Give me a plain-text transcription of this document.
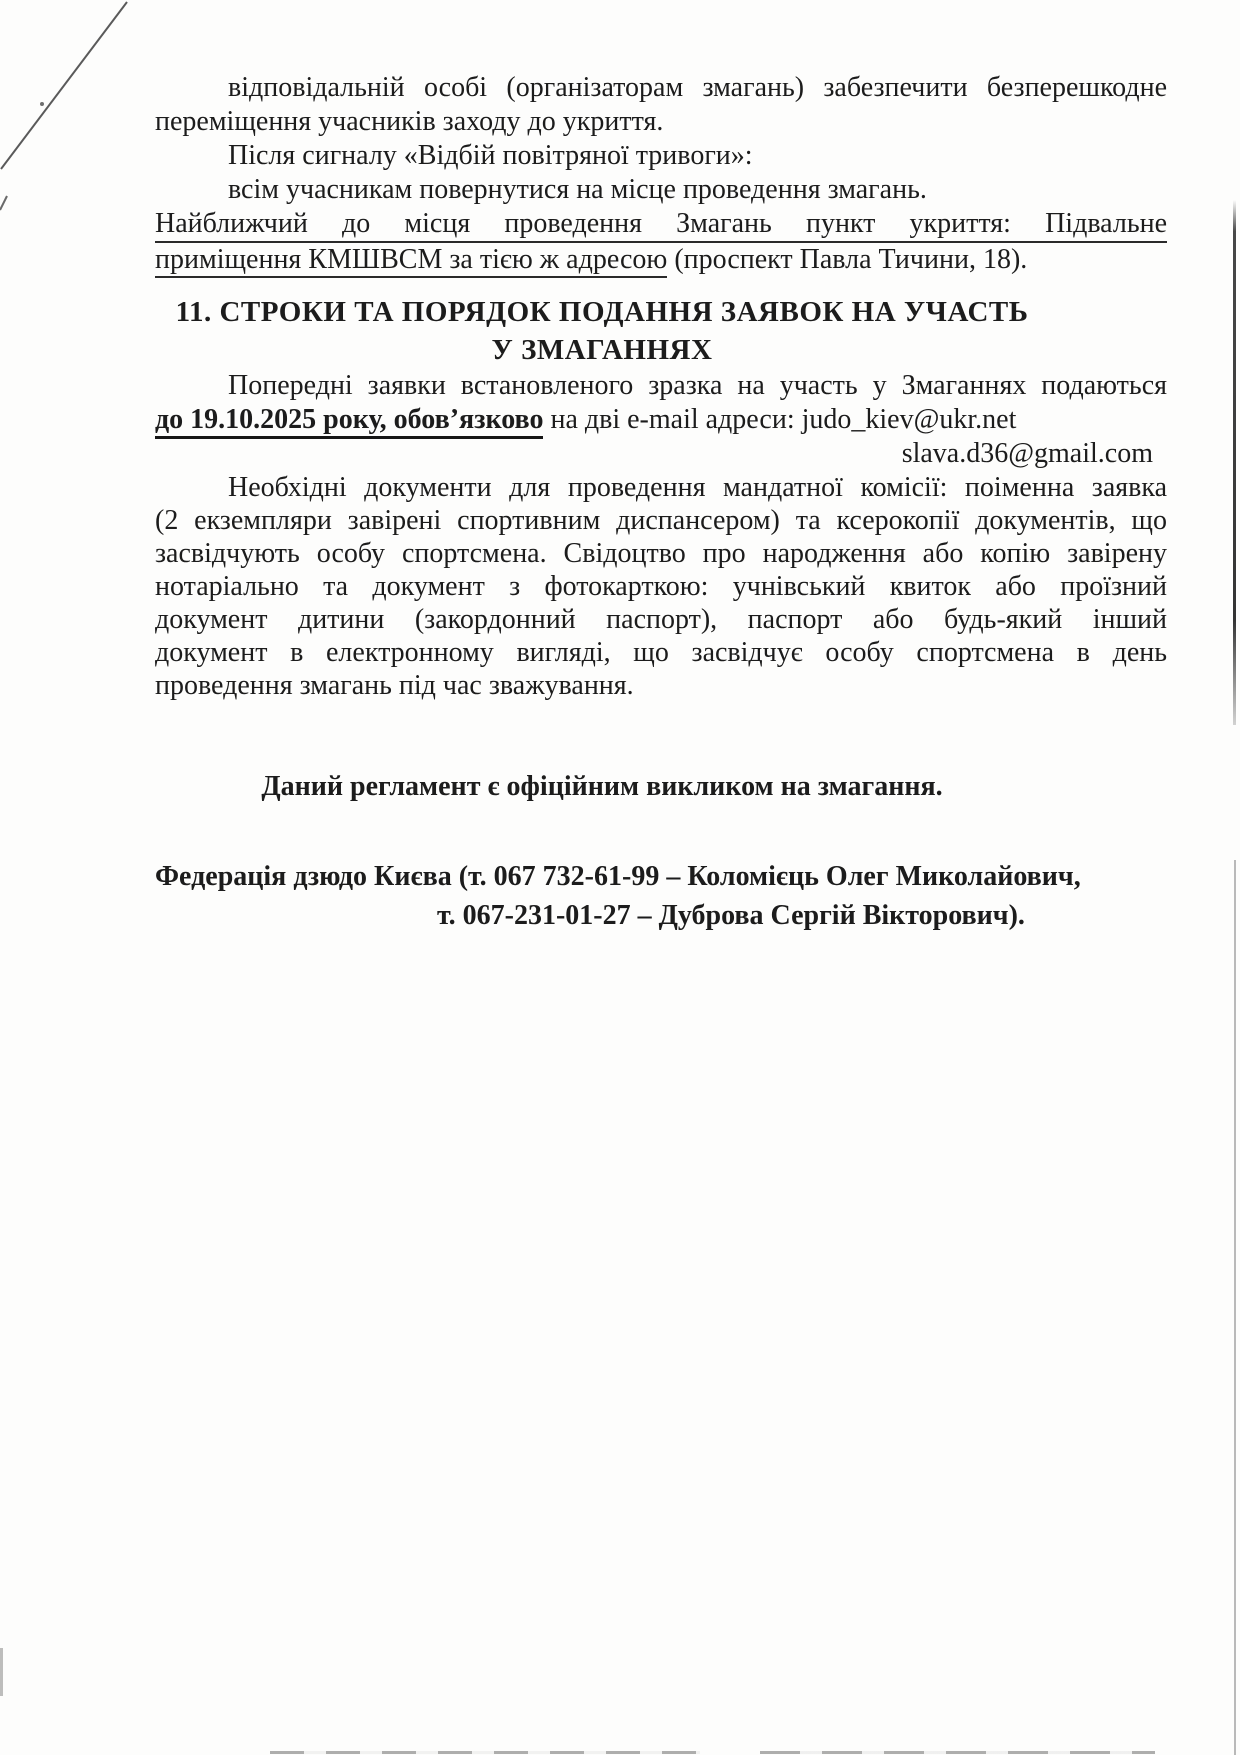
відповідальній особі (організаторам змагань) забезпечити безперешкодне
переміщення учасників заходу до укриття.
Після сигналу «Відбій повітряної тривоги»:
всім учасникам повернутися на місце проведення змагань.
Найближчий до місця проведення Змагань пункт укриття: Підвальне
приміщення КМШВСМ за тією ж адресою (проспект Павла Тичини, 18).
11. СТРОКИ ТА ПОРЯДОК ПОДАННЯ ЗАЯВОК НА УЧАСТЬ
У ЗМАГАННЯХ
Попередні заявки встановленого зразка на участь у Змаганнях подаються
до 19.10.2025 року, обов’язково на дві e-mail адреси: judo_kiev@ukr.net
slava.d36@gmail.com
Необхідні документи для проведення мандатної комісії: поіменна заявка
(2 екземпляри завірені спортивним диспансером) та ксерокопії документів, що
засвідчують особу спортсмена. Свідоцтво про народження або копію завірену
нотаріально та документ з фотокарткою: учнівський квиток або проїзний
документ дитини (закордонний паспорт), паспорт або будь-який інший
документ в електронному вигляді, що засвідчує особу спортсмена в день
проведення змагань під час зважування.
Даний регламент є офіційним викликом на змагання.
Федерація дзюдо Києва (т. 067 732-61-99 – Коломієць Олег Миколайович,
т. 067-231-01-27 – Дуброва Сергій Вікторович).
